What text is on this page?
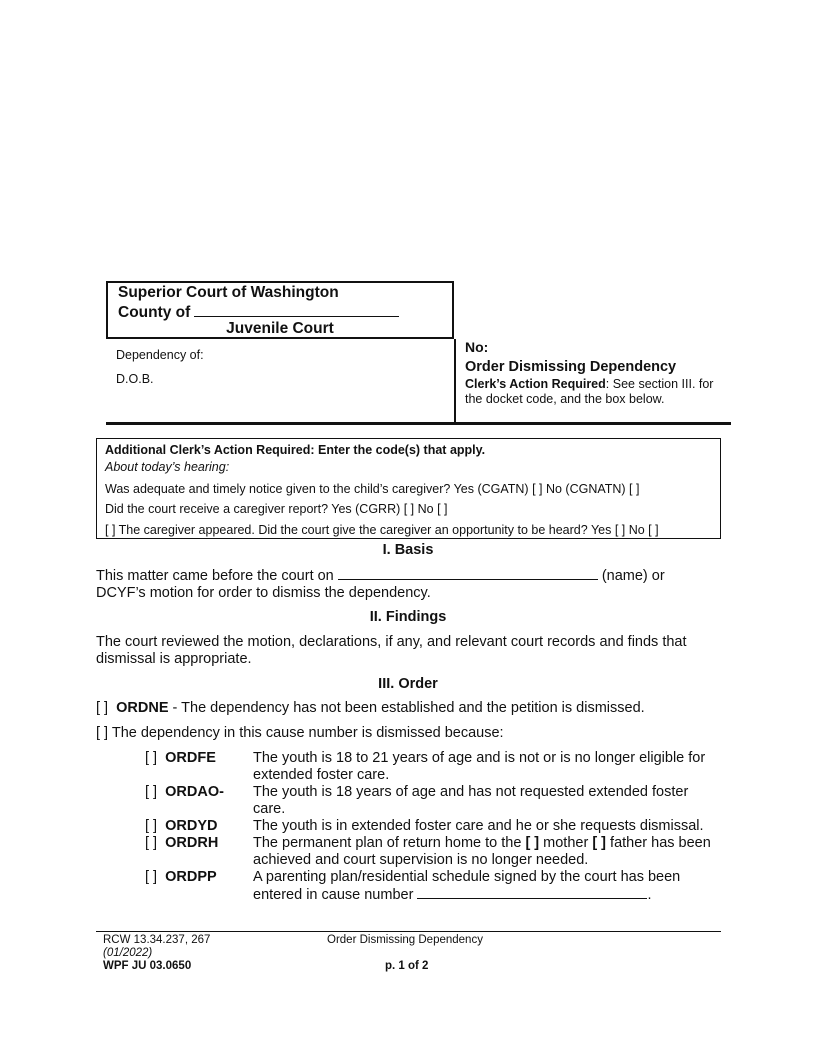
Superior Court of Washington
County of
Juvenile Court
Dependency of:
D.O.B.
No:
Order Dismissing Dependency
Clerk’s Action Required: See section III. for the docket code, and the box below.
Additional Clerk’s Action Required: Enter the code(s) that apply.
About today’s hearing:
Was adequate and timely notice given to the child’s caregiver? Yes (CGATN) [ ] No (CGNATN) [ ]
Did the court receive a caregiver report? Yes (CGRR) [ ] No [ ]
[ ] The caregiver appeared. Did the court give the caregiver an opportunity to be heard? Yes [ ] No [ ]
I. Basis
This matter came before the court on	(name) or
DCYF’s motion for order to dismiss the dependency.
II. Findings
The court reviewed the motion, declarations, if any, and relevant court records and finds that dismissal is appropriate.
III. Order
[ ] ORDNE - The dependency has not been established and the petition is dismissed.
[ ] The dependency in this cause number is dismissed because:
[ ] ORDFE	The youth is 18 to 21 years of age and is not or is no longer eligible for extended foster care.
[ ] ORDAO- The youth is 18 years of age and has not requested extended foster care.
[ ] ORDYD The youth is in extended foster care and he or she requests dismissal.
[ ] ORDRH The permanent plan of return home to the [ ] mother [ ] father has been achieved and court supervision is no longer needed.
[ ] ORDPP	A parenting plan/residential schedule signed by the court has been entered in cause number	.
RCW 13.34.237, 267
(01/2022)
WPF JU 03.0650
Order Dismissing Dependency
p. 1 of 2
